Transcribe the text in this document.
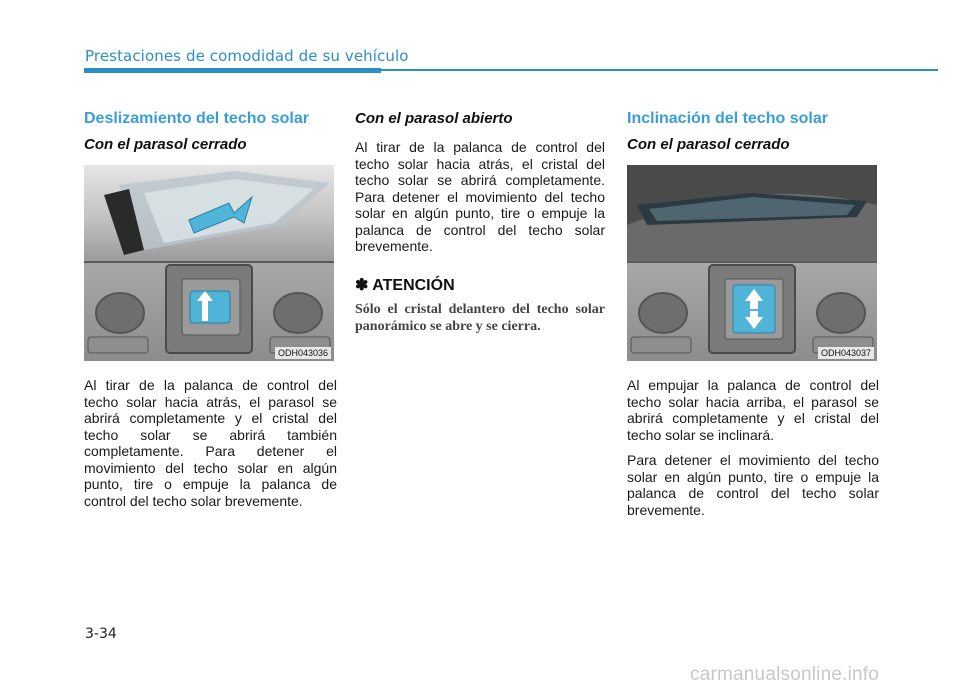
Prestaciones de comodidad de su vehículo
Deslizamiento del techo solar
Con el parasol cerrado
ODH043036

Al tirar de la palanca de control del techo solar hacia atrás, el parasol se abrirá completamente y el cristal del techo solar se abrirá también completamente. Para detener el movimiento del techo solar en algún punto, tire o empuje la palanca de control del techo solar brevemente.

Con el parasol abierto

Al tirar de la palanca de control del techo solar hacia atrás, el cristal del techo solar se abrirá completamente. Para detener el movimiento del techo solar en algún punto, tire o empuje la palanca de control del techo solar brevemente.

✽ ATENCIÓN

Sólo el cristal delantero del techo solar panorámico se abre y se cierra.

Inclinación del techo solar
Con el parasol cerrado
ODH043037

Al empujar la palanca de control del techo solar hacia arriba, el parasol se abrirá completamente y el cristal del techo solar se inclinará.

Para detener el movimiento del techo solar en algún punto, tire o empuje la palanca de control del techo solar brevemente.

3-34
carmanualsonline.info
